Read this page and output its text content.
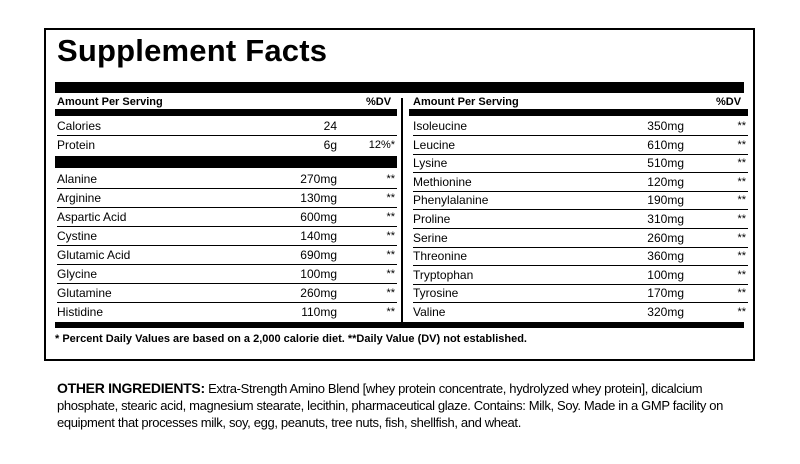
Supplement Facts
Amount Per Serving	%DV Amount Per Serving	%DV
Calories	24
Protein	6g	12%*
Alanine	270mg	**
Arginine	130mg	**
Aspartic Acid	600mg	**
Cystine	140mg	**
Glutamic Acid	690mg	**
Glycine	100mg	**
Glutamine	260mg	**
Histidine	110mg	**
Isoleucine	350mg	**
Leucine	610mg	**
Lysine	510mg	**
Methionine	120mg	**
Phenylalanine	190mg	**
Proline	310mg	**
Serine	260mg	**
Threonine	360mg	**
Tryptophan	100mg	**
Tyrosine	170mg	**
Valine	320mg	**
* Percent Daily Values are based on a 2,000 calorie diet. **Daily Value (DV) not established.
OTHER INGREDIENTS: Extra-Strength Amino Blend [whey protein concentrate, hydrolyzed whey protein], dicalcium phosphate, stearic acid, magnesium stearate, lecithin, pharmaceutical glaze. Contains: Milk, Soy. Made in a GMP facility on equipment that processes milk, soy, egg, peanuts, tree nuts, fish, shellfish, and wheat.
